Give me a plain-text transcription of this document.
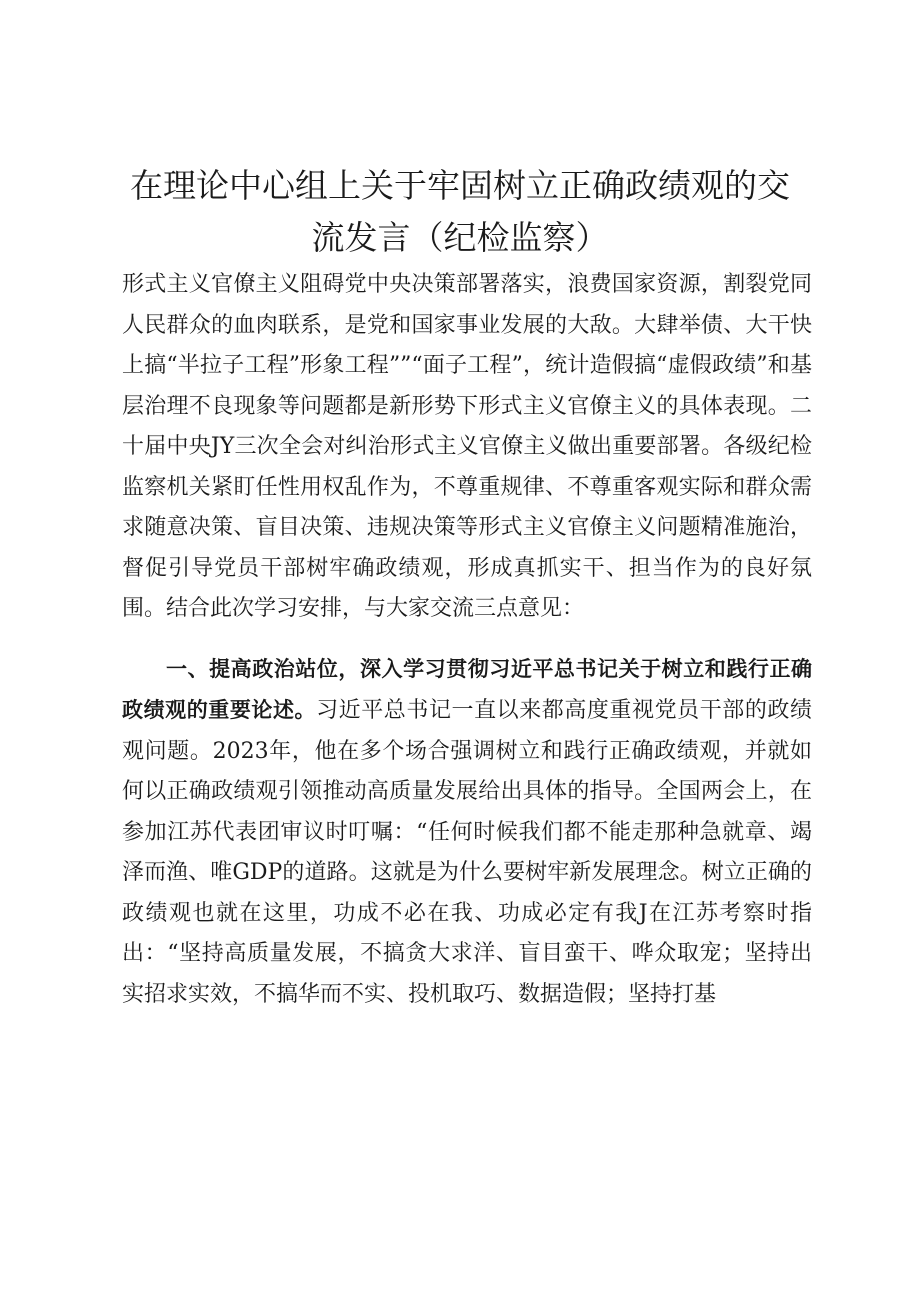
在理论中心组上关于牢固树立正确政绩观的交
流发言（纪检监察）

形式主义官僚主义阻碍党中央决策部署落实，浪费国家资源，割裂党同人民群众的血肉联系，是党和国家事业发展的大敌。大肆举债、大干快上搞“半拉子工程”形象工程””“面子工程”，统计造假搞“虚假政绩”和基层治理不良现象等问题都是新形势下形式主义官僚主义的具体表现。二十届中央JY三次全会对纠治形式主义官僚主义做出重要部署。各级纪检监察机关紧盯任性用权乱作为，不尊重规律、不尊重客观实际和群众需求随意决策、盲目决策、违规决策等形式主义官僚主义问题精准施治，督促引导党员干部树牢确政绩观，形成真抓实干、担当作为的良好氛围。结合此次学习安排，与大家交流三点意见：

一、提高政治站位，深入学习贯彻习近平总书记关于树立和践行正确政绩观的重要论述。习近平总书记一直以来都高度重视党员干部的政绩观问题。2023年，他在多个场合强调树立和践行正确政绩观，并就如何以正确政绩观引领推动高质量发展给出具体的指导。全国两会上，在参加江苏代表团审议时叮嘱：“任何时候我们都不能走那种急就章、竭泽而渔、唯GDP的道路。这就是为什么要树牢新发展理念。树立正确的政绩观也就在这里，功成不必在我、功成必定有我J在江苏考察时指出：“坚持高质量发展，不搞贪大求洋、盲目蛮干、哗众取宠；坚持出实招求实效，不搞华而不实、投机取巧、数据造假；坚持打基
